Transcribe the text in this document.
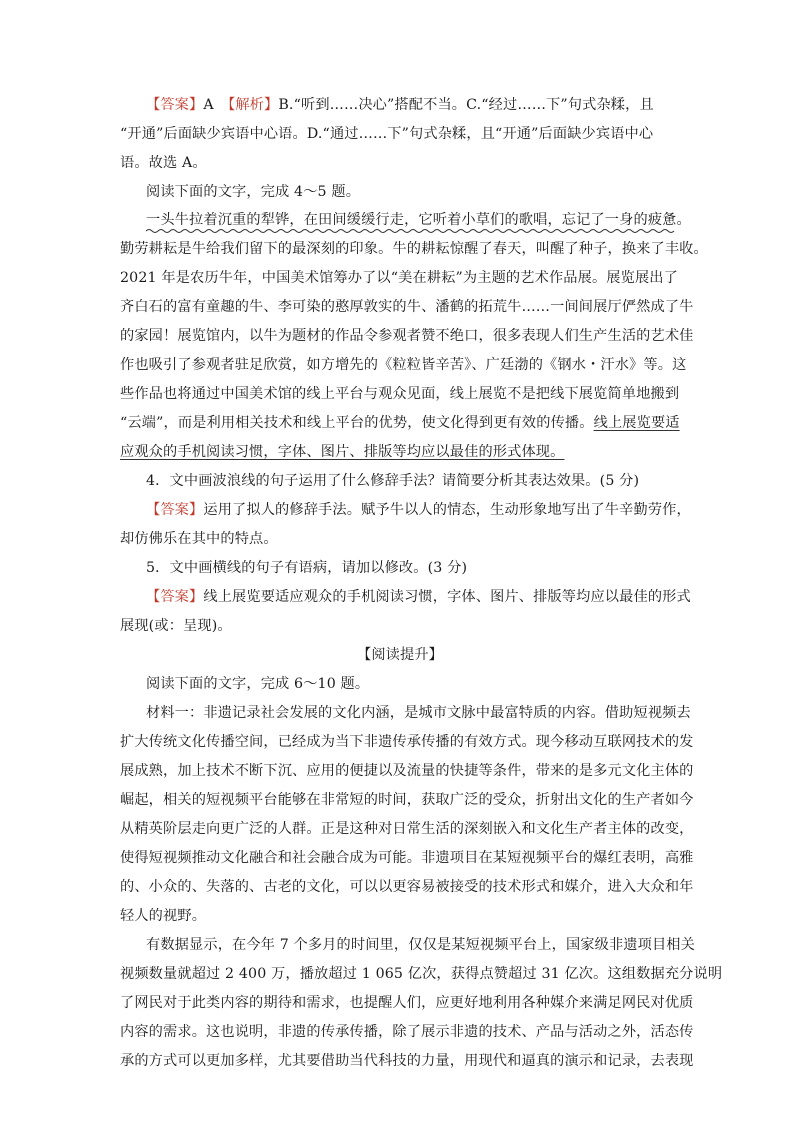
【答案】A　【解析】B.“听到……决心”搭配不当。C.“经过……下”句式杂糅，且
“开通”后面缺少宾语中心语。D.“通过……下”句式杂糅，且“开通”后面缺少宾语中心
语。故选 A。
阅读下面的文字，完成 4～5 题。
一头牛拉着沉重的犁铧，在田间缓缓行走，它听着小草们的歌唱，忘记了一身的疲惫。
勤劳耕耘是牛给我们留下的最深刻的印象。牛的耕耘惊醒了春天，叫醒了种子，换来了丰收。
2021 年是农历牛年，中国美术馆筹办了以“美在耕耘”为主题的艺术作品展。展览展出了
齐白石的富有童趣的牛、李可染的憨厚敦实的牛、潘鹤的拓荒牛……一间间展厅俨然成了牛
的家园！展览馆内，以牛为题材的作品令参观者赞不绝口，很多表现人们生产生活的艺术佳
作也吸引了参观者驻足欣赏，如方增先的《粒粒皆辛苦》、广廷渤的《钢水・汗水》等。这
些作品也将通过中国美术馆的线上平台与观众见面，线上展览不是把线下展览简单地搬到
“云端”，而是利用相关技术和线上平台的优势，使文化得到更有效的传播。线上展览要适
应观众的手机阅读习惯，字体、图片、排版等均应以最佳的形式体现。
4．文中画波浪线的句子运用了什么修辞手法？请简要分析其表达效果。(5 分)
【答案】运用了拟人的修辞手法。赋予牛以人的情态，生动形象地写出了牛辛勤劳作，
却仿佛乐在其中的特点。
5．文中画横线的句子有语病，请加以修改。(3 分)
【答案】线上展览要适应观众的手机阅读习惯，字体、图片、排版等均应以最佳的形式
展现(或：呈现)。
【阅读提升】
阅读下面的文字，完成 6～10 题。
材料一：非遗记录社会发展的文化内涵，是城市文脉中最富特质的内容。借助短视频去
扩大传统文化传播空间，已经成为当下非遗传承传播的有效方式。现今移动互联网技术的发
展成熟，加上技术不断下沉、应用的便捷以及流量的快捷等条件，带来的是多元文化主体的
崛起，相关的短视频平台能够在非常短的时间，获取广泛的受众，折射出文化的生产者如今
从精英阶层走向更广泛的人群。正是这种对日常生活的深刻嵌入和文化生产者主体的改变，
使得短视频推动文化融合和社会融合成为可能。非遗项目在某短视频平台的爆红表明，高雅
的、小众的、失落的、古老的文化，可以以更容易被接受的技术形式和媒介，进入大众和年
轻人的视野。
有数据显示，在今年 7 个多月的时间里，仅仅是某短视频平台上，国家级非遗项目相关
视频数量就超过 2 400 万，播放超过 1 065 亿次，获得点赞超过 31 亿次。这组数据充分说明
了网民对于此类内容的期待和需求，也提醒人们，应更好地利用各种媒介来满足网民对优质
内容的需求。这也说明，非遗的传承传播，除了展示非遗的技术、产品与活动之外，活态传
承的方式可以更加多样，尤其要借助当代科技的力量，用现代和逼真的演示和记录，去表现
